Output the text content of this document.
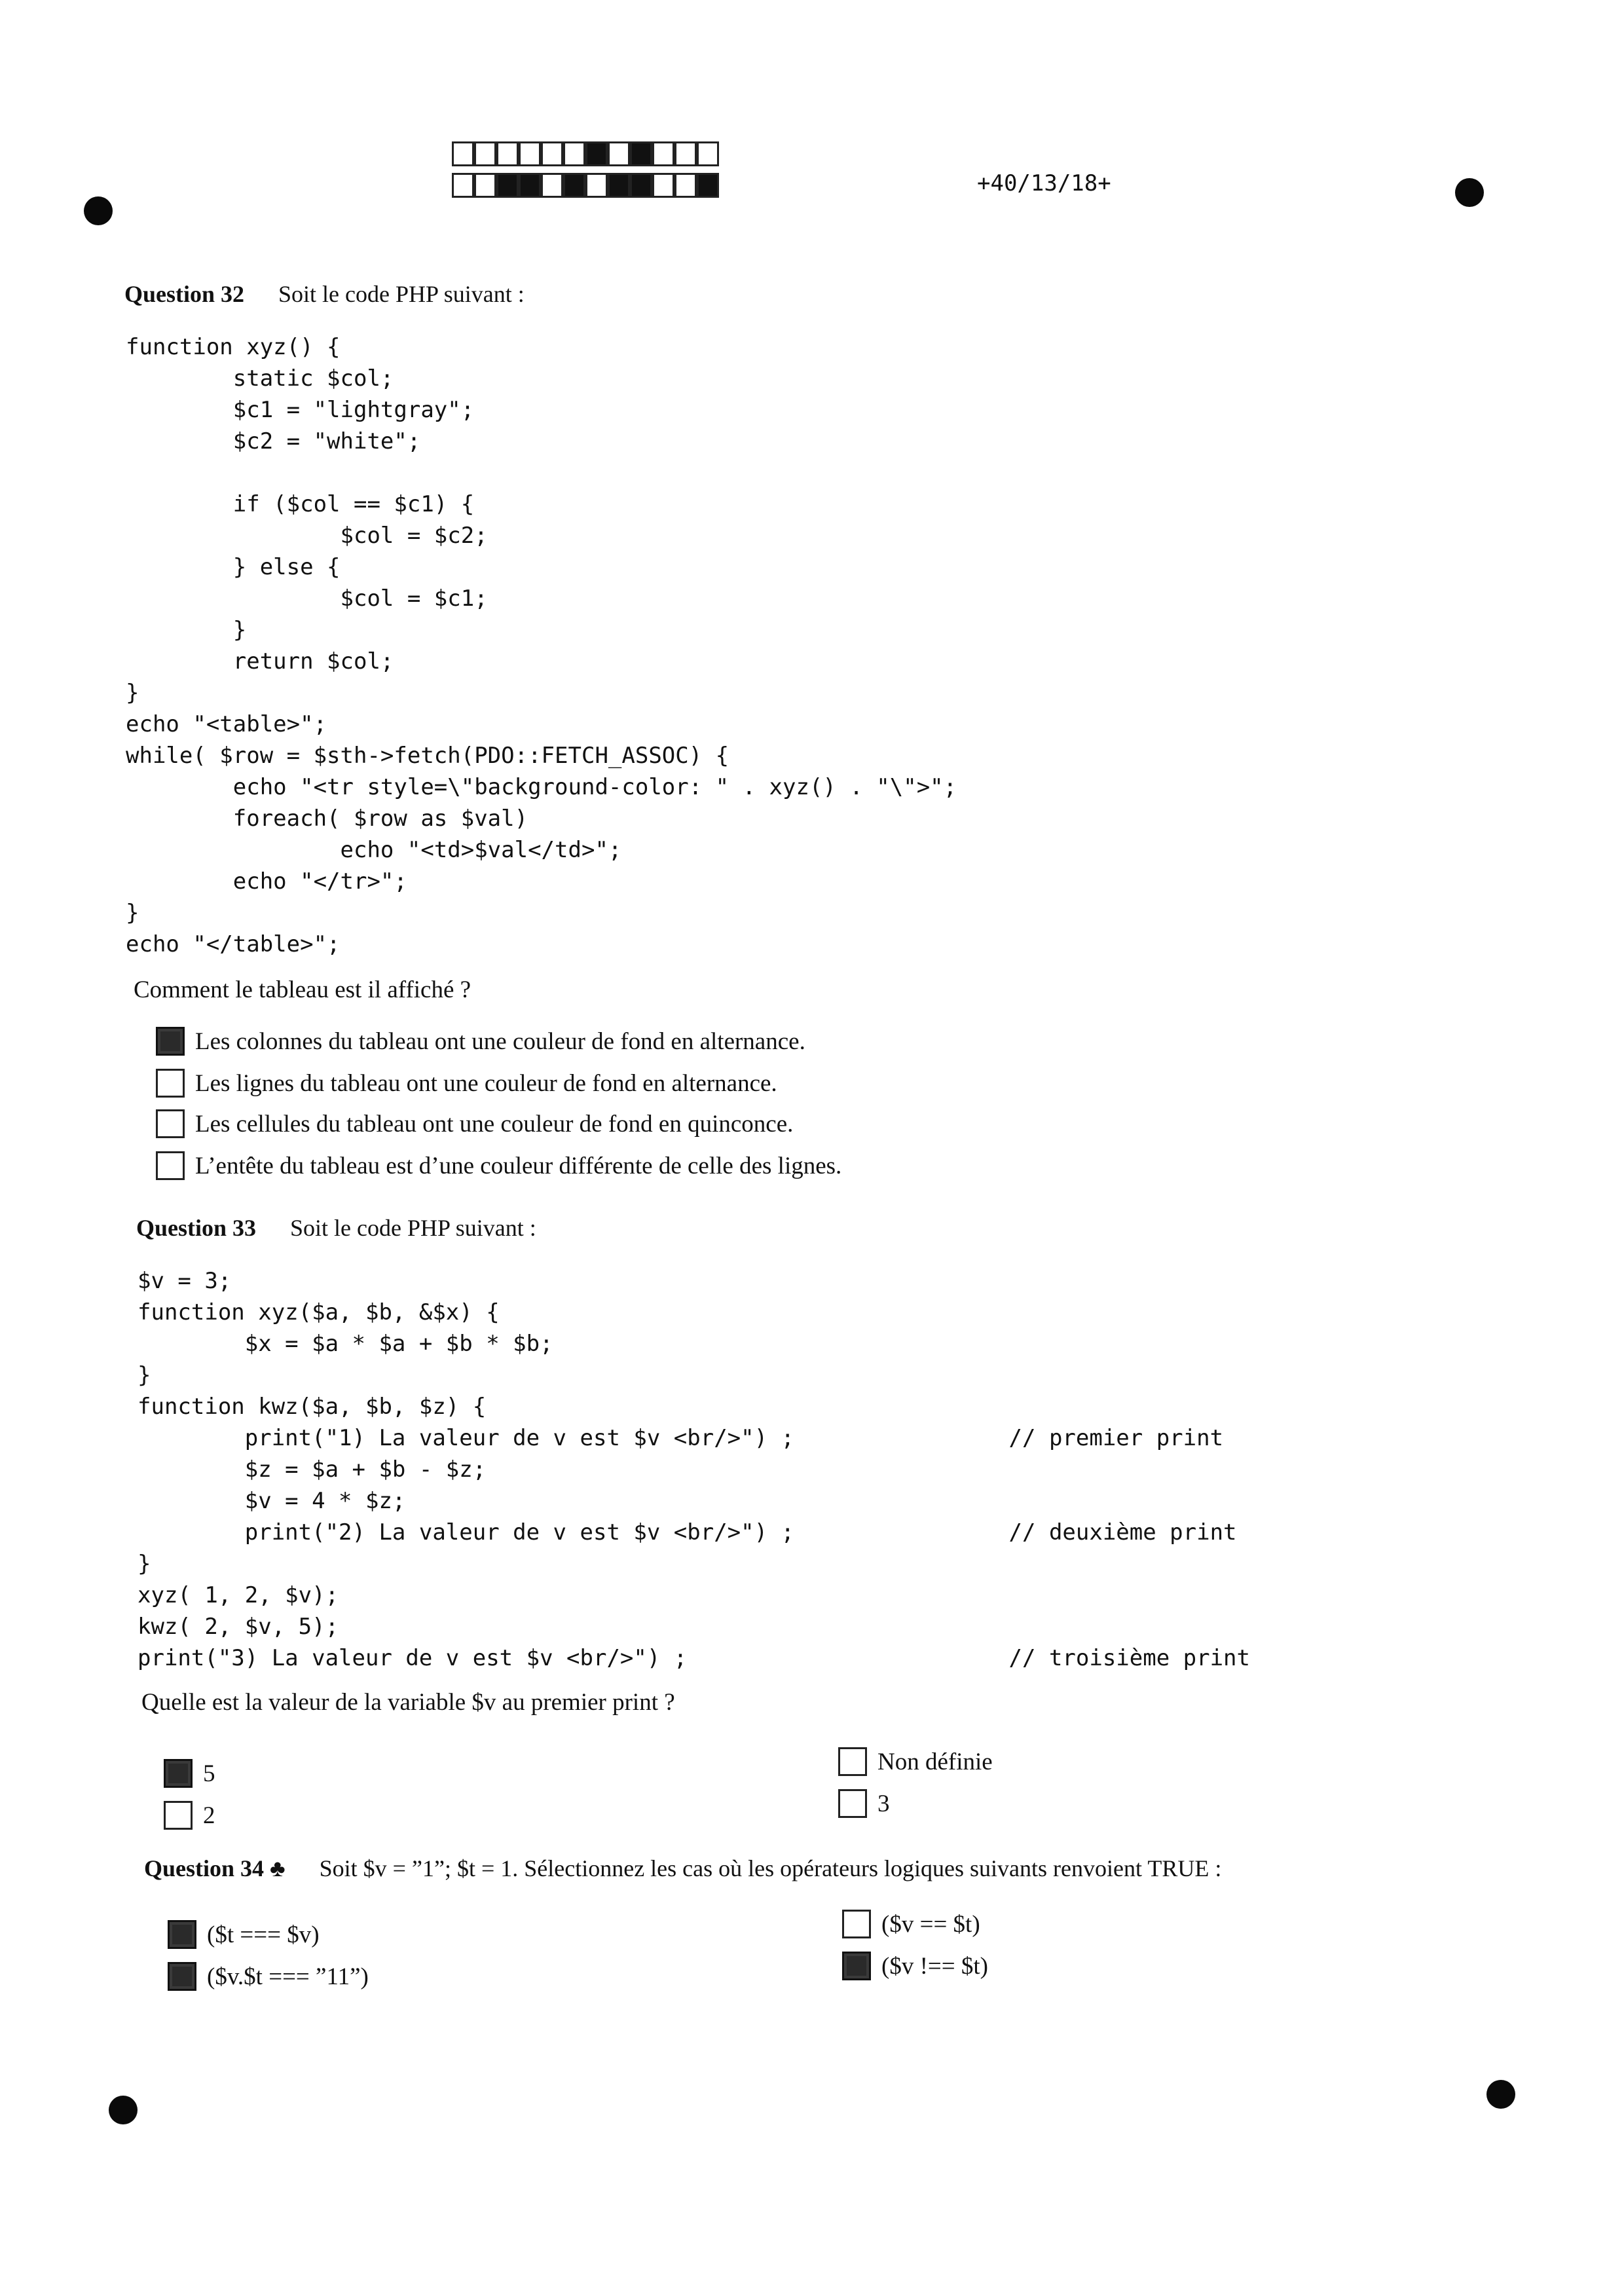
+40/13/18+
Question 32 Soit le code PHP suivant :
function xyz() {
static $col;
$c1 = "lightgray";
$c2 = "white";

if ($col == $c1) {
$col = $c2;
} else {
$col = $c1;
}
return $col;
}
echo "<table>";
while( $row = $sth->fetch(PDO::FETCH_ASSOC) {
echo "<tr style=\"background-color: " . xyz() . "\">";
foreach( $row as $val)
echo "<td>$val</td>";
echo "</tr>";
}
echo "</table>";
Comment le tableau est il affiché ?
Les colonnes du tableau ont une couleur de fond en alternance.
Les lignes du tableau ont une couleur de fond en alternance.
Les cellules du tableau ont une couleur de fond en quinconce.
L’entête du tableau est d’une couleur différente de celle des lignes.
Question 33 Soit le code PHP suivant :
$v = 3;
function xyz($a, $b, &$x) {
$x = $a * $a + $b * $b;
}
function kwz($a, $b, $z) {
print("1) La valeur de v est $v <br/>") ;                // premier print
$z = $a + $b - $z;
$v = 4 * $z;
print("2) La valeur de v est $v <br/>") ;                // deuxième print
}
xyz( 1, 2, $v);
kwz( 2, $v, 5);
print("3) La valeur de v est $v <br/>") ;                        // troisième print
Quelle est la valeur de la variable $v au premier print ?
5
2
Non définie
3
Question 34 ♣ Soit $v = ”1”; $t = 1. Sélectionnez les cas où les opérateurs logiques suivants renvoient TRUE :
($t === $v)
($v.$t === ”11”)
($v == $t)
($v !== $t)
